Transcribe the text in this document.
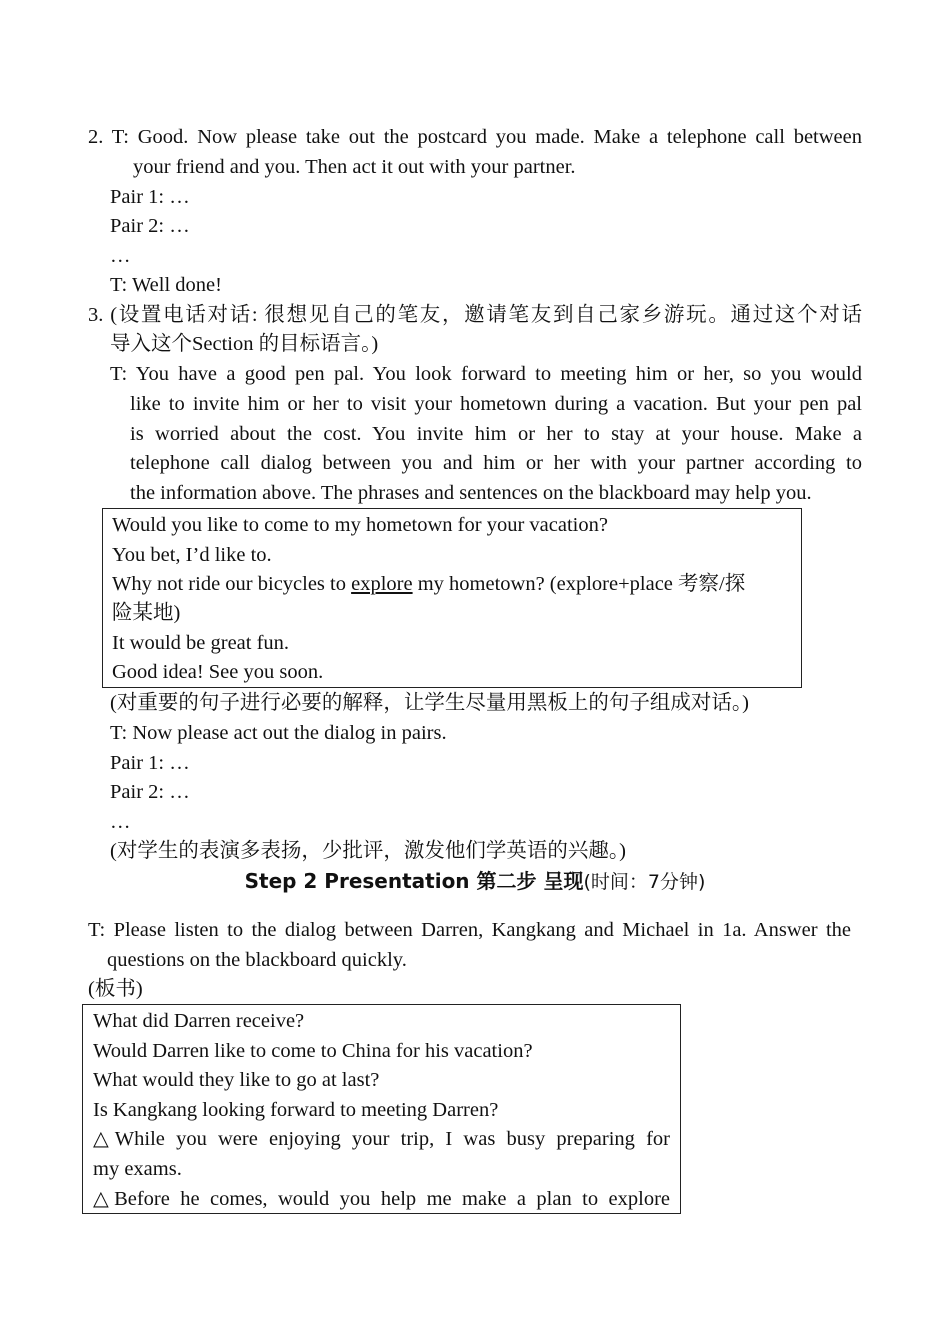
2. T: Good. Now please take out the postcard you made. Make a telephone call between
your friend and you. Then act it out with your partner.
Pair 1: …
Pair 2: …
…
T: Well done!
3. (设置电话对话: 很想见自己的笔友，邀请笔友到自己家乡游玩。通过这个对话
导入这个Section 的目标语言。)
T: You have a good pen pal. You look forward to meeting him or her, so you would
like to invite him or her to visit your hometown during a vacation. But your pen pal
is worried about the cost. You invite him or her to stay at your house. Make a
telephone call dialog between you and him or her with your partner according to
the information above. The phrases and sentences on the blackboard may help you.
Would you like to come to my hometown for your vacation?
You bet, I’d like to.
Why not ride our bicycles to explore my hometown? (explore+place 考察/探
险某地)
It would be great fun.
Good idea! See you soon.
(对重要的句子进行必要的解释，让学生尽量用黑板上的句子组成对话。)
T: Now please act out the dialog in pairs.
Pair 1: …
Pair 2: …
…
(对学生的表演多表扬，少批评，激发他们学英语的兴趣。)
Step 2 Presentation 第二步 呈现(时间：7分钟)
T: Please listen to the dialog between Darren, Kangkang and Michael in 1a. Answer the
questions on the blackboard quickly.
(板书)
What did Darren receive?
Would Darren like to come to China for his vacation?
What would they like to go at last?
Is Kangkang looking forward to meeting Darren?
△While you were enjoying your trip, I was busy preparing for
my exams.
△Before he comes, would you help me make a plan to explore
